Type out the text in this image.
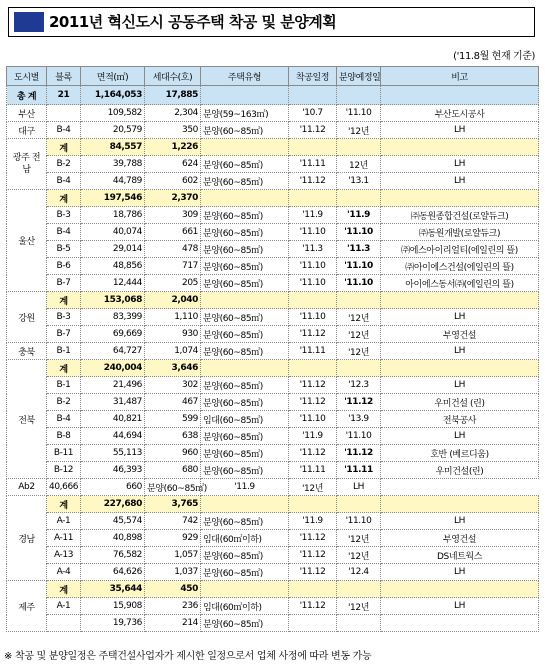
2011년 혁신도시 공동주택 착공 및 분양계획
('11.8월 현재 기준)
도시별	블록	면적(㎡)	세대수(호)	주택유형	착공일정	분양예정일	비고
총 계	21	1,164,053	17,885				
부산		109,582	2,304	분양(59~163㎡)	'10.7	'11.10	부산도시공사
대구	B-4	20,579	350	분양(60~85㎡)	'11.12	'12년	LH
광주 전남	계	84,557	1,226				
	B-2	39,788	624	분양(60~85㎡)	'11.11	12년	LH
	B-4	44,789	602	분양(60~85㎡)	'11.12	'13.1	LH
울산	계	197,546	2,370				
	B-3	18,786	309	분양(60~85㎡)	'11.9	'11.9	㈜동원종합건설(로얄듀크)
	B-4	40,074	661	분양(60~85㎡)	'11.10	'11.10	㈜동원개발(로얄듀크)
	B-5	29,014	478	분양(60~85㎡)	'11.3	'11.3	㈜에스아이리얼티(에일린의 뜰)
	B-6	48,856	717	분양(60~85㎡)	'11.10	'11.10	㈜아이에스건설(에일린의 뜰)
	B-7	12,444	205	분양(60~85㎡)	'11.10	'11.10	아이에스동서㈜(에일린의 뜰)
강원	계	153,068	2,040				
	B-3	83,399	1,110	분양(60~85㎡)	'11.10	'12년	LH
	B-7	69,669	930	분양(60~85㎡)	'11.12	'12년	부영건설
충북	B-1	64,727	1,074	분양(60~85㎡)	'11.11	'12년	LH
전북	계	240,004	3,646				
	B-1	21,496	302	분양(60~85㎡)	'11.12	'12.3	LH
	B-2	31,487	467	분양(60~85㎡)	'11.12	'11.12	우미건설 (린)
	B-4	40,821	599	임대(60~85㎡)	'11.10	'13.9	전북공사
	B-8	44,694	638	분양(60~85㎡)	'11.9	'11.10	LH
	B-11	55,113	960	분양(60~85㎡)	'11.12	'11.12	호반 (베르디움)
	B-12	46,393	680	분양(60~85㎡)	'11.11	'11.11	우미건설(린)
Ab2	40,666	660	분양(60~85㎡)	'11.9	'12년	LH	
경남	계	227,680	3,765				
	A-1	45,574	742	분양(60~85㎡)	'11.9	'11.10	LH
	A-11	40,898	929	임대(60㎡이하)	'11.12	'12년	부영건설
	A-13	76,582	1,057	분양(60~85㎡)	'11.12	'12년	DS네트웍스
	A-4	64,626	1,037	분양(60~85㎡)	'11.12	'12.4	LH
제주	계	35,644	450				
	A-1	15,908	236	임대(60㎡이하)	'11.12	'12년	LH
		19,736	214	분양(60~85㎡)			
※ 착공 및 분양일정은 주택건설사업자가 제시한 일정으로서 업체 사정에 따라 변동 가능
